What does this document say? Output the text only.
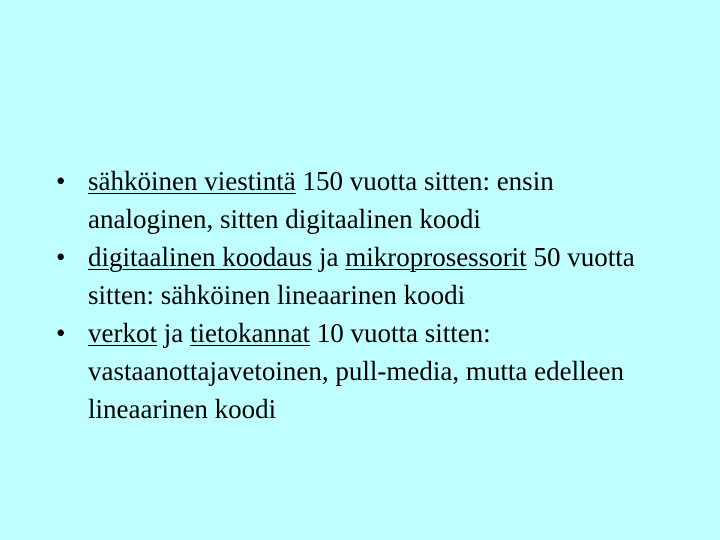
• sähköinen viestintä 150 vuotta sitten: ensin analoginen, sitten digitaalinen koodi
• digitaalinen koodaus ja mikroprosessorit 50 vuotta sitten: sähköinen lineaarinen koodi
• verkot ja tietokannat 10 vuotta sitten: vastaanottajavetoinen, pull-media, mutta edelleen lineaarinen koodi
